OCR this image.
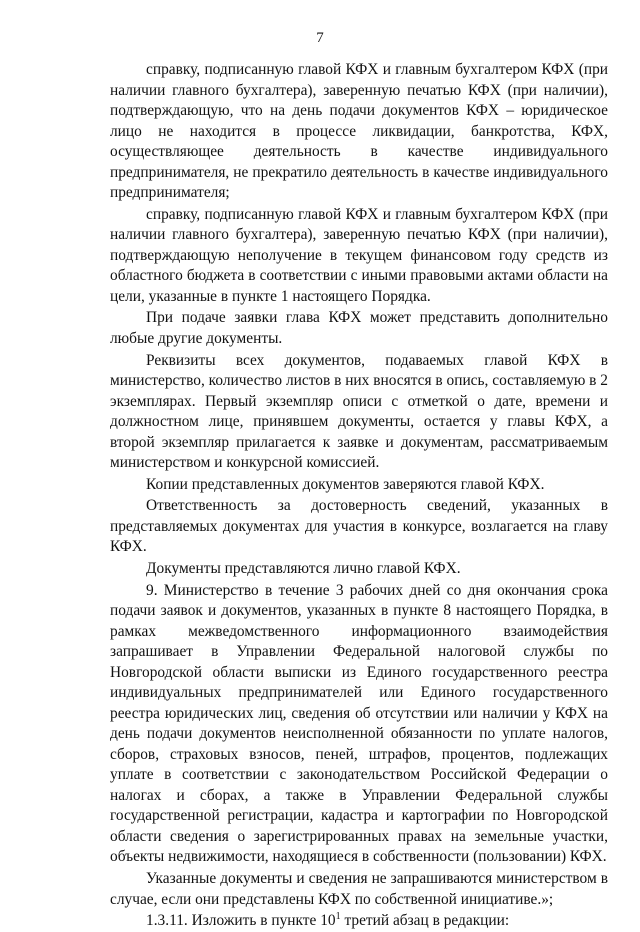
7

справку, подписанную главой КФХ и главным бухгалтером КФХ (при наличии главного бухгалтера), заверенную печатью КФХ (при наличии), подтверждающую, что на день подачи документов КФХ – юридическое лицо не находится в процессе ликвидации, банкротства, КФХ, осуществляющее деятельность в качестве индивидуального предпринимателя, не прекратило деятельность в качестве индивидуального предпринимателя;

справку, подписанную главой КФХ и главным бухгалтером КФХ (при наличии главного бухгалтера), заверенную печатью КФХ (при наличии), подтверждающую неполучение в текущем финансовом году средств из областного бюджета в соответствии с иными правовыми актами области на цели, указанные в пункте 1 настоящего Порядка.

При подаче заявки глава КФХ может представить дополнительно любые другие документы.

Реквизиты всех документов, подаваемых главой КФХ в министерство, количество листов в них вносятся в опись, составляемую в 2 экземплярах. Первый экземпляр описи с отметкой о дате, времени и должностном лице, принявшем документы, остается у главы КФХ, а второй экземпляр прилагается к заявке и документам, рассматриваемым министерством и конкурсной комиссией.

Копии представленных документов заверяются главой КФХ.

Ответственность за достоверность сведений, указанных в представляемых документах для участия в конкурсе, возлагается на главу КФХ.

Документы представляются лично главой КФХ.

9. Министерство в течение 3 рабочих дней со дня окончания срока подачи заявок и документов, указанных в пункте 8 настоящего Порядка, в рамках межведомственного информационного взаимодействия запрашивает в Управлении Федеральной налоговой службы по Новгородской области выписки из Единого государственного реестра индивидуальных предпринимателей или Единого государственного реестра юридических лиц, сведения об отсутствии или наличии у КФХ на день подачи документов неисполненной обязанности по уплате налогов, сборов, страховых взносов, пеней, штрафов, процентов, подлежащих уплате в соответствии с законодательством Российской Федерации о налогах и сборах, а также в Управлении Федеральной службы государственной регистрации, кадастра и картографии по Новгородской области сведения о зарегистрированных правах на земельные участки, объекты недвижимости, находящиеся в собственности (пользовании) КФХ.

Указанные документы и сведения не запрашиваются министерством в случае, если они представлены КФХ по собственной инициативе.»;

1.3.11. Изложить в пункте $10^1$ третий абзац в редакции:
